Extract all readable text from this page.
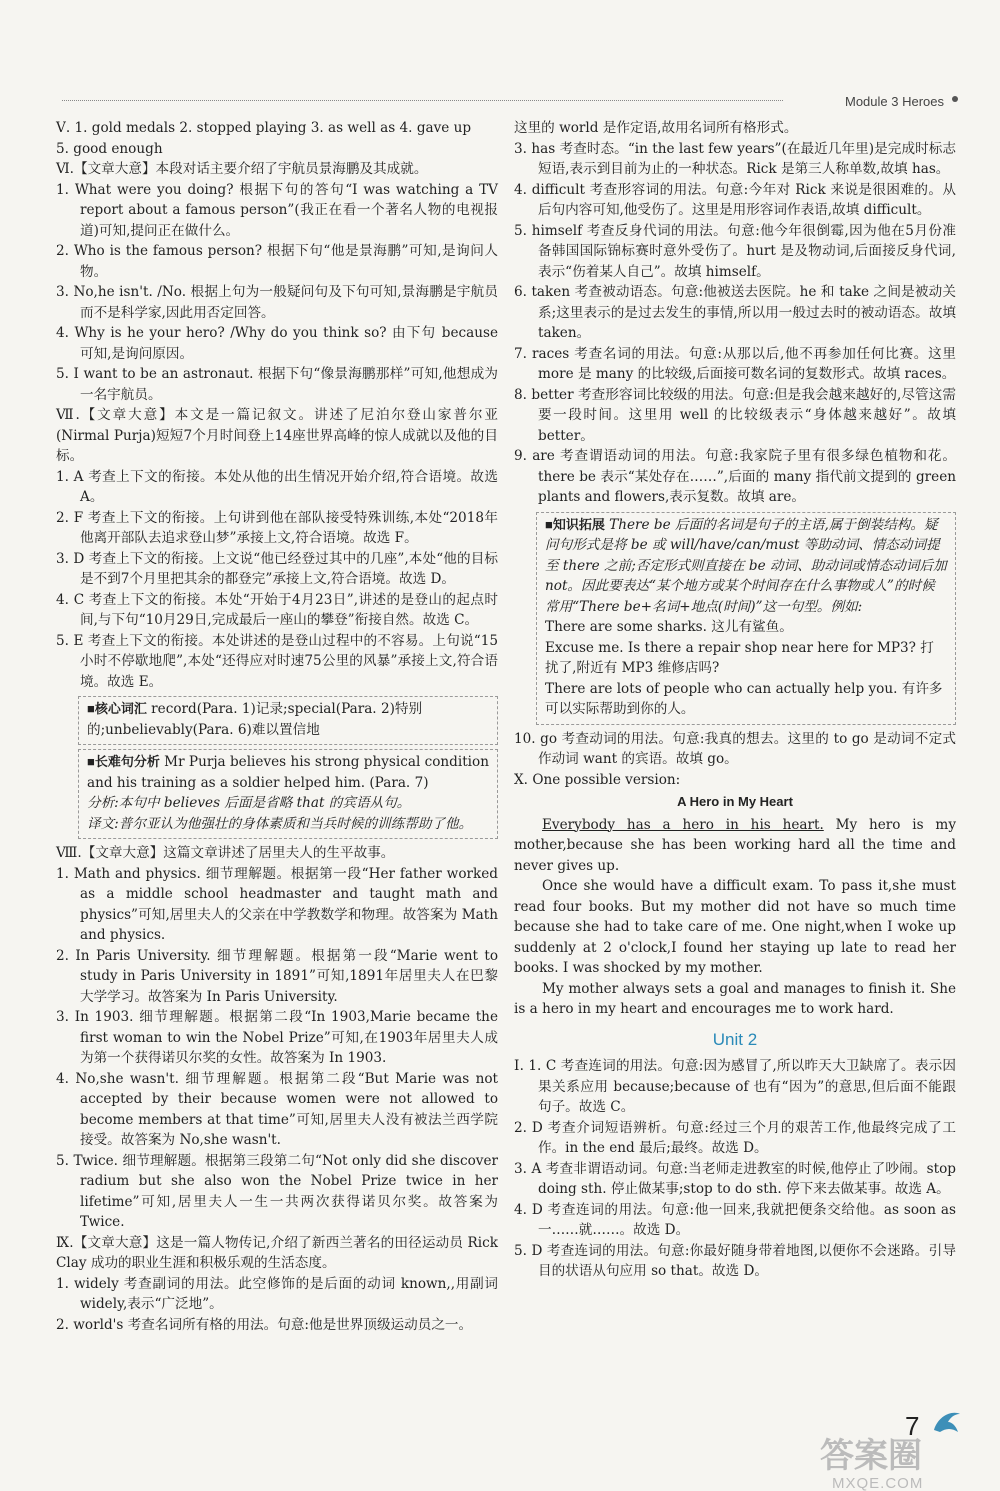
Module 3 Heroes

Ⅴ. 1. gold medals 2. stopped playing 3. as well as 4. gave up

5. good enough

Ⅵ.【文章大意】本段对话主要介绍了宇航员景海鹏及其成就。

1. What were you doing? 根据下句的答句“I was watching a TV report about a famous person”(我正在看一个著名人物的电视报道)可知,提问正在做什么。

2. Who is the famous person? 根据下句“他是景海鹏”可知,是询问人物。

3. No,he isn't. /No. 根据上句为一般疑问句及下句可知,景海鹏是宇航员而不是科学家,因此用否定回答。

4. Why is he your hero? /Why do you think so? 由下句 because 可知,是询问原因。

5. I want to be an astronaut. 根据下句“像景海鹏那样”可知,他想成为一名宇航员。

Ⅶ.【文章大意】本文是一篇记叙文。讲述了尼泊尔登山家普尔亚(Nirmal Purja)短短7个月时间登上14座世界高峰的惊人成就以及他的目标。

1. A 考查上下文的衔接。本处从他的出生情况开始介绍,符合语境。故选 A。

2. F 考查上下文的衔接。上句讲到他在部队接受特殊训练,本处“2018年他离开部队去追求登山梦”承接上文,符合语境。故选 F。

3. D 考查上下文的衔接。上文说“他已经登过其中的几座”,本处“他的目标是不到7个月里把其余的都登完”承接上文,符合语境。故选 D。

4. C 考查上下文的衔接。本处“开始于4月23日”,讲述的是登山的起点时间,与下句“10月29日,完成最后一座山的攀登”衔接自然。故选 C。

5. E 考查上下文的衔接。本处讲述的是登山过程中的不容易。上句说“15小时不停歇地爬”,本处“还得应对时速75公里的风暴”承接上文,符合语境。故选 E。

■核心词汇 record(Para. 1)记录;special(Para. 2)特别的;unbelievably(Para. 6)难以置信地
■长难句分析 Mr Purja believes his strong physical condition and his training as a soldier helped him. (Para. 7)
分析:本句中 believes 后面是省略 that 的宾语从句。
译文:普尔亚认为他强壮的身体素质和当兵时候的训练帮助了他。

Ⅷ.【文章大意】这篇文章讲述了居里夫人的生平故事。

1. Math and physics. 细节理解题。根据第一段“Her father worked as a middle school headmaster and taught math and physics”可知,居里夫人的父亲在中学教数学和物理。故答案为 Math and physics.

2. In Paris University. 细节理解题。根据第一段“Marie went to study in Paris University in 1891”可知,1891年居里夫人在巴黎大学学习。故答案为 In Paris University.

3. In 1903. 细节理解题。根据第二段“In 1903,Marie became the first woman to win the Nobel Prize”可知,在1903年居里夫人成为第一个获得诺贝尔奖的女性。故答案为 In 1903.

4. No,she wasn't. 细节理解题。根据第二段“But Marie was not accepted by their because women were not allowed to become members at that time”可知,居里夫人没有被法兰西学院接受。故答案为 No,she wasn't.

5. Twice. 细节理解题。根据第三段第二句“Not only did she discover radium but she also won the Nobel Prize twice in her lifetime”可知,居里夫人一生一共两次获得诺贝尔奖。故答案为 Twice.

Ⅸ.【文章大意】这是一篇人物传记,介绍了新西兰著名的田径运动员 Rick Clay 成功的职业生涯和积极乐观的生活态度。

1. widely 考查副词的用法。此空修饰的是后面的动词 known,,用副词 widely,表示“广泛地”。

2. world's 考查名词所有格的用法。句意:他是世界顶级运动员之一。

这里的 world 是作定语,故用名词所有格形式。

3. has 考查时态。“in the last few years”(在最近几年里)是完成时标志短语,表示到目前为止的一种状态。Rick 是第三人称单数,故填 has。

4. difficult 考查形容词的用法。句意:今年对 Rick 来说是很困难的。从后句内容可知,他受伤了。这里是用形容词作表语,故填 difficult。

5. himself 考查反身代词的用法。句意:他今年很倒霉,因为他在5月份准备韩国国际锦标赛时意外受伤了。hurt 是及物动词,后面接反身代词,表示“伤着某人自己”。故填 himself。

6. taken 考查被动语态。句意:他被送去医院。he 和 take 之间是被动关系;这里表示的是过去发生的事情,所以用一般过去时的被动语态。故填 taken。

7. races 考查名词的用法。句意:从那以后,他不再参加任何比赛。这里 more 是 many 的比较级,后面接可数名词的复数形式。故填 races。

8. better 考查形容词比较级的用法。句意:但是我会越来越好的,尽管这需要一段时间。这里用 well 的比较级表示“身体越来越好”。故填 better。

9. are 考查谓语动词的用法。句意:我家院子里有很多绿色植物和花。there be 表示“某处存在……”,后面的 many 指代前文提到的 green plants and flowers,表示复数。故填 are。

■知识拓展 There be 后面的名词是句子的主语,属于倒装结构。疑问句形式是将 be 或 will/have/can/must 等助动词、情态动词提至 there 之前;否定形式则直接在 be 动词、助动词或情态动词后加 not。因此要表达“某个地方或某个时间存在什么事物或人”的时候常用“There be+名词+地点(时间)”这一句型。例如:
There are some sharks. 这儿有鲨鱼。
Excuse me. Is there a repair shop near here for MP3? 打扰了,附近有 MP3 维修店吗?
There are lots of people who can actually help you. 有许多可以实际帮助到你的人。

10. go 考查动词的用法。句意:我真的想去。这里的 to go 是动词不定式作动词 want 的宾语。故填 go。

Ⅹ. One possible version:

A Hero in My Heart

Everybody has a hero in his heart. My hero is my mother,because she has been working hard all the time and never gives up.

Once she would have a difficult exam. To pass it,she must read four books. But my mother did not have so much time because she had to take care of me. One night,when I woke up suddenly at 2 o'clock,I found her staying up late to read her books. I was shocked by my mother.

My mother always sets a goal and manages to finish it. She is a hero in my heart and encourages me to work hard.

Unit 2

Ⅰ. 1. C 考查连词的用法。句意:因为感冒了,所以昨天大卫缺席了。表示因果关系应用 because;because of 也有“因为”的意思,但后面不能跟句子。故选 C。

2. D 考查介词短语辨析。句意:经过三个月的艰苦工作,他最终完成了工作。in the end 最后;最终。故选 D。

3. A 考查非谓语动词。句意:当老师走进教室的时候,他停止了吵闹。stop doing sth. 停止做某事;stop to do sth. 停下来去做某事。故选 A。

4. D 考查连词的用法。句意:他一回来,我就把便条交给他。as soon as 一……就……。故选 D。

5. D 考查连词的用法。句意:你最好随身带着地图,以便你不会迷路。引导目的状语从句应用 so that。故选 D。

7
答案圈
MXQE.COM
